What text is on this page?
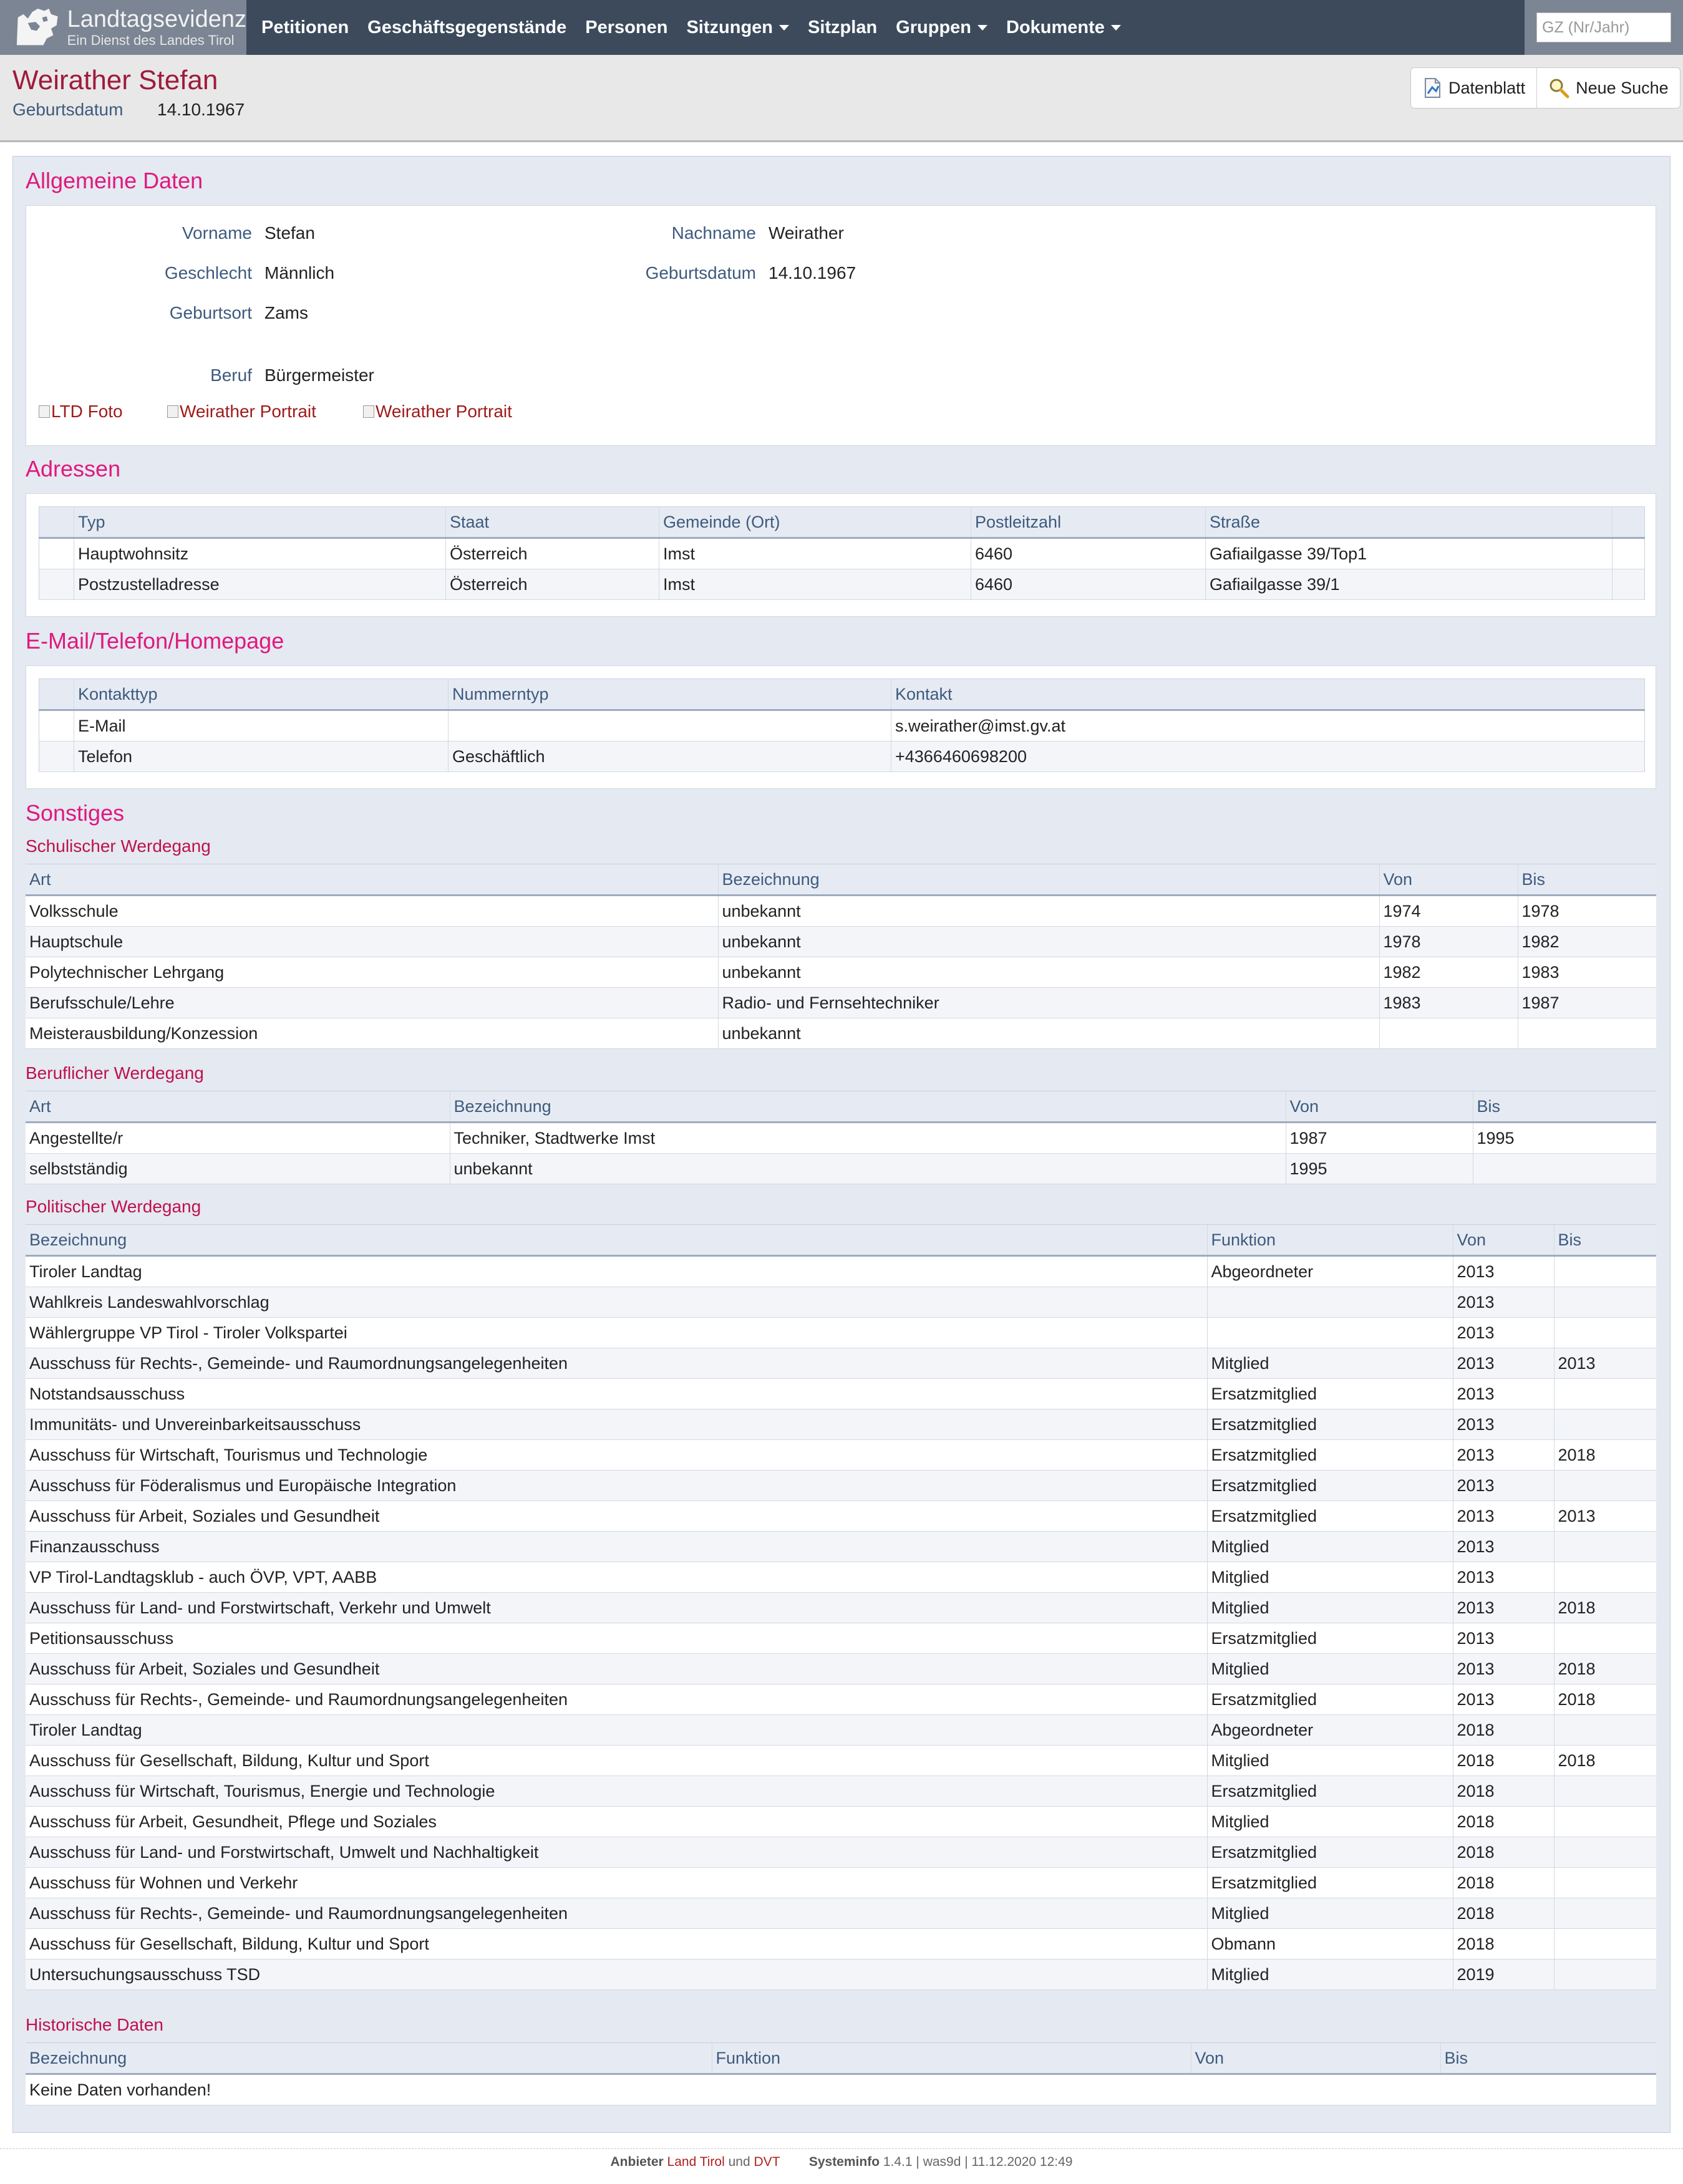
Landtagsevidenz
Ein Dienst des Landes Tirol
Petitionen Geschäftsgegenstände Personen Sitzungen Sitzplan Gruppen Dokumente
GZ (Nr/Jahr)
Weirather Stefan
Geburtsdatum 14.10.1967
Datenblatt	Neue Suche
Allgemeine Daten
Vorname Stefan	Nachname Weirather
Geschlecht Männlich	Geburtsdatum 14.10.1967
Geburtsort Zams
Beruf Bürgermeister
LTD Foto	Weirather Portrait	Weirather Portrait
Adressen
	Typ	Staat	Gemeinde (Ort)	Postleitzahl	Straße	
	Hauptwohnsitz	Österreich	Imst	6460	Gafiailgasse 39/Top1	
	Postzustelladresse	Österreich	Imst	6460	Gafiailgasse 39/1	
E-Mail/Telefon/Homepage
	Kontakttyp	Nummerntyp	Kontakt
	E-Mail		s.weirather@imst.gv.at
	Telefon	Geschäftlich	+4366460698200
Sonstiges
Schulischer Werdegang
Art	Bezeichnung	Von	Bis
Volksschule	unbekannt	1974	1978
Hauptschule	unbekannt	1978	1982
Polytechnischer Lehrgang	unbekannt	1982	1983
Berufsschule/Lehre	Radio- und Fernsehtechniker	1983	1987
Meisterausbildung/Konzession	unbekannt		
Beruflicher Werdegang
Art	Bezeichnung	Von	Bis
Angestellte/r	Techniker, Stadtwerke Imst	1987	1995
selbstständig	unbekannt	1995	
Politischer Werdegang
Bezeichnung	Funktion	Von	Bis
Tiroler Landtag	Abgeordneter	2013	
Wahlkreis Landeswahlvorschlag		2013	
Wählergruppe VP Tirol - Tiroler Volkspartei		2013	
Ausschuss für Rechts-, Gemeinde- und Raumordnungsangelegenheiten	Mitglied	2013	2013
Notstandsausschuss	Ersatzmitglied	2013	
Immunitäts- und Unvereinbarkeitsausschuss	Ersatzmitglied	2013	
Ausschuss für Wirtschaft, Tourismus und Technologie	Ersatzmitglied	2013	2018
Ausschuss für Föderalismus und Europäische Integration	Ersatzmitglied	2013	
Ausschuss für Arbeit, Soziales und Gesundheit	Ersatzmitglied	2013	2013
Finanzausschuss	Mitglied	2013	
VP Tirol-Landtagsklub - auch ÖVP, VPT, AABB	Mitglied	2013	
Ausschuss für Land- und Forstwirtschaft, Verkehr und Umwelt	Mitglied	2013	2018
Petitionsausschuss	Ersatzmitglied	2013	
Ausschuss für Arbeit, Soziales und Gesundheit	Mitglied	2013	2018
Ausschuss für Rechts-, Gemeinde- und Raumordnungsangelegenheiten	Ersatzmitglied	2013	2018
Tiroler Landtag	Abgeordneter	2018	
Ausschuss für Gesellschaft, Bildung, Kultur und Sport	Mitglied	2018	2018
Ausschuss für Wirtschaft, Tourismus, Energie und Technologie	Ersatzmitglied	2018	
Ausschuss für Arbeit, Gesundheit, Pflege und Soziales	Mitglied	2018	
Ausschuss für Land- und Forstwirtschaft, Umwelt und Nachhaltigkeit	Ersatzmitglied	2018	
Ausschuss für Wohnen und Verkehr	Ersatzmitglied	2018	
Ausschuss für Rechts-, Gemeinde- und Raumordnungsangelegenheiten	Mitglied	2018	
Ausschuss für Gesellschaft, Bildung, Kultur und Sport	Obmann	2018	
Untersuchungsausschuss TSD	Mitglied	2019	
Historische Daten
Bezeichnung	Funktion	Von	Bis
Keine Daten vorhanden!
Anbieter Land Tirol und DVT Systeminfo 1.4.1 | was9d | 11.12.2020 12:49
